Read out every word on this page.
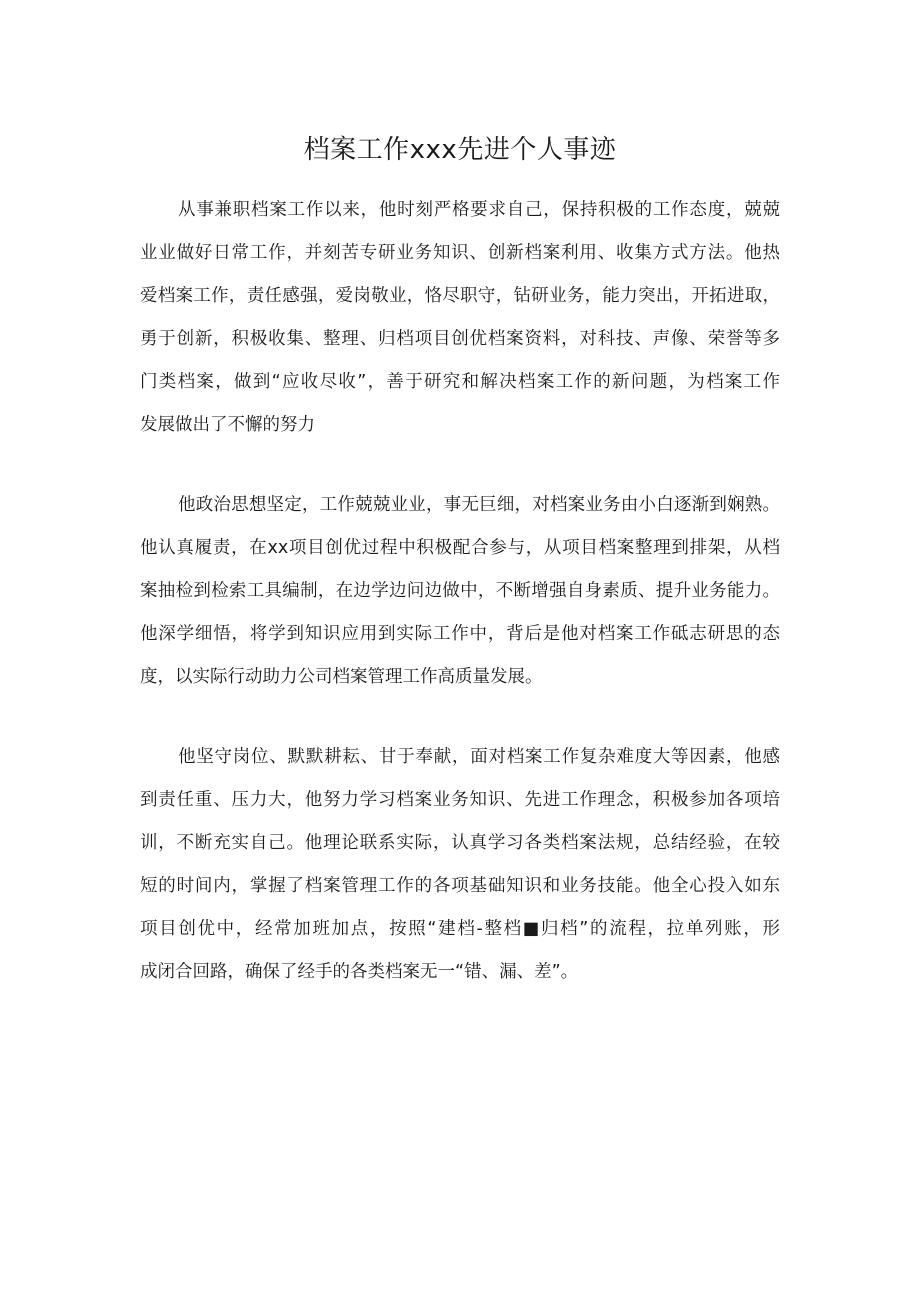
档案工作xxx先进个人事迹
从事兼职档案工作以来，他时刻严格要求自己，保持积极的工作态度，兢兢
业业做好日常工作，并刻苦专研业务知识、创新档案利用、收集方式方法。他热
爱档案工作，责任感强，爱岗敬业，恪尽职守，钻研业务，能力突出，开拓进取，
勇于创新，积极收集、整理、归档项目创优档案资料，对科技、声像、荣誉等多
门类档案，做到“应收尽收”，善于研究和解决档案工作的新问题，为档案工作
发展做出了不懈的努力
他政治思想坚定，工作兢兢业业，事无巨细，对档案业务由小白逐渐到娴熟。
他认真履责，在xx项目创优过程中积极配合参与，从项目档案整理到排架，从档
案抽检到检索工具编制，在边学边问边做中，不断增强自身素质、提升业务能力。
他深学细悟，将学到知识应用到实际工作中，背后是他对档案工作砥志研思的态
度，以实际行动助力公司档案管理工作高质量发展。
他坚守岗位、默默耕耘、甘于奉献，面对档案工作复杂难度大等因素，他感
到责任重、压力大，他努力学习档案业务知识、先进工作理念，积极参加各项培
训，不断充实自己。他理论联系实际，认真学习各类档案法规，总结经验，在较
短的时间内，掌握了档案管理工作的各项基础知识和业务技能。他全心投入如东
项目创优中，经常加班加点，按照“建档-整档■归档”的流程，拉单列账，形
成闭合回路，确保了经手的各类档案无一“错、漏、差”。
